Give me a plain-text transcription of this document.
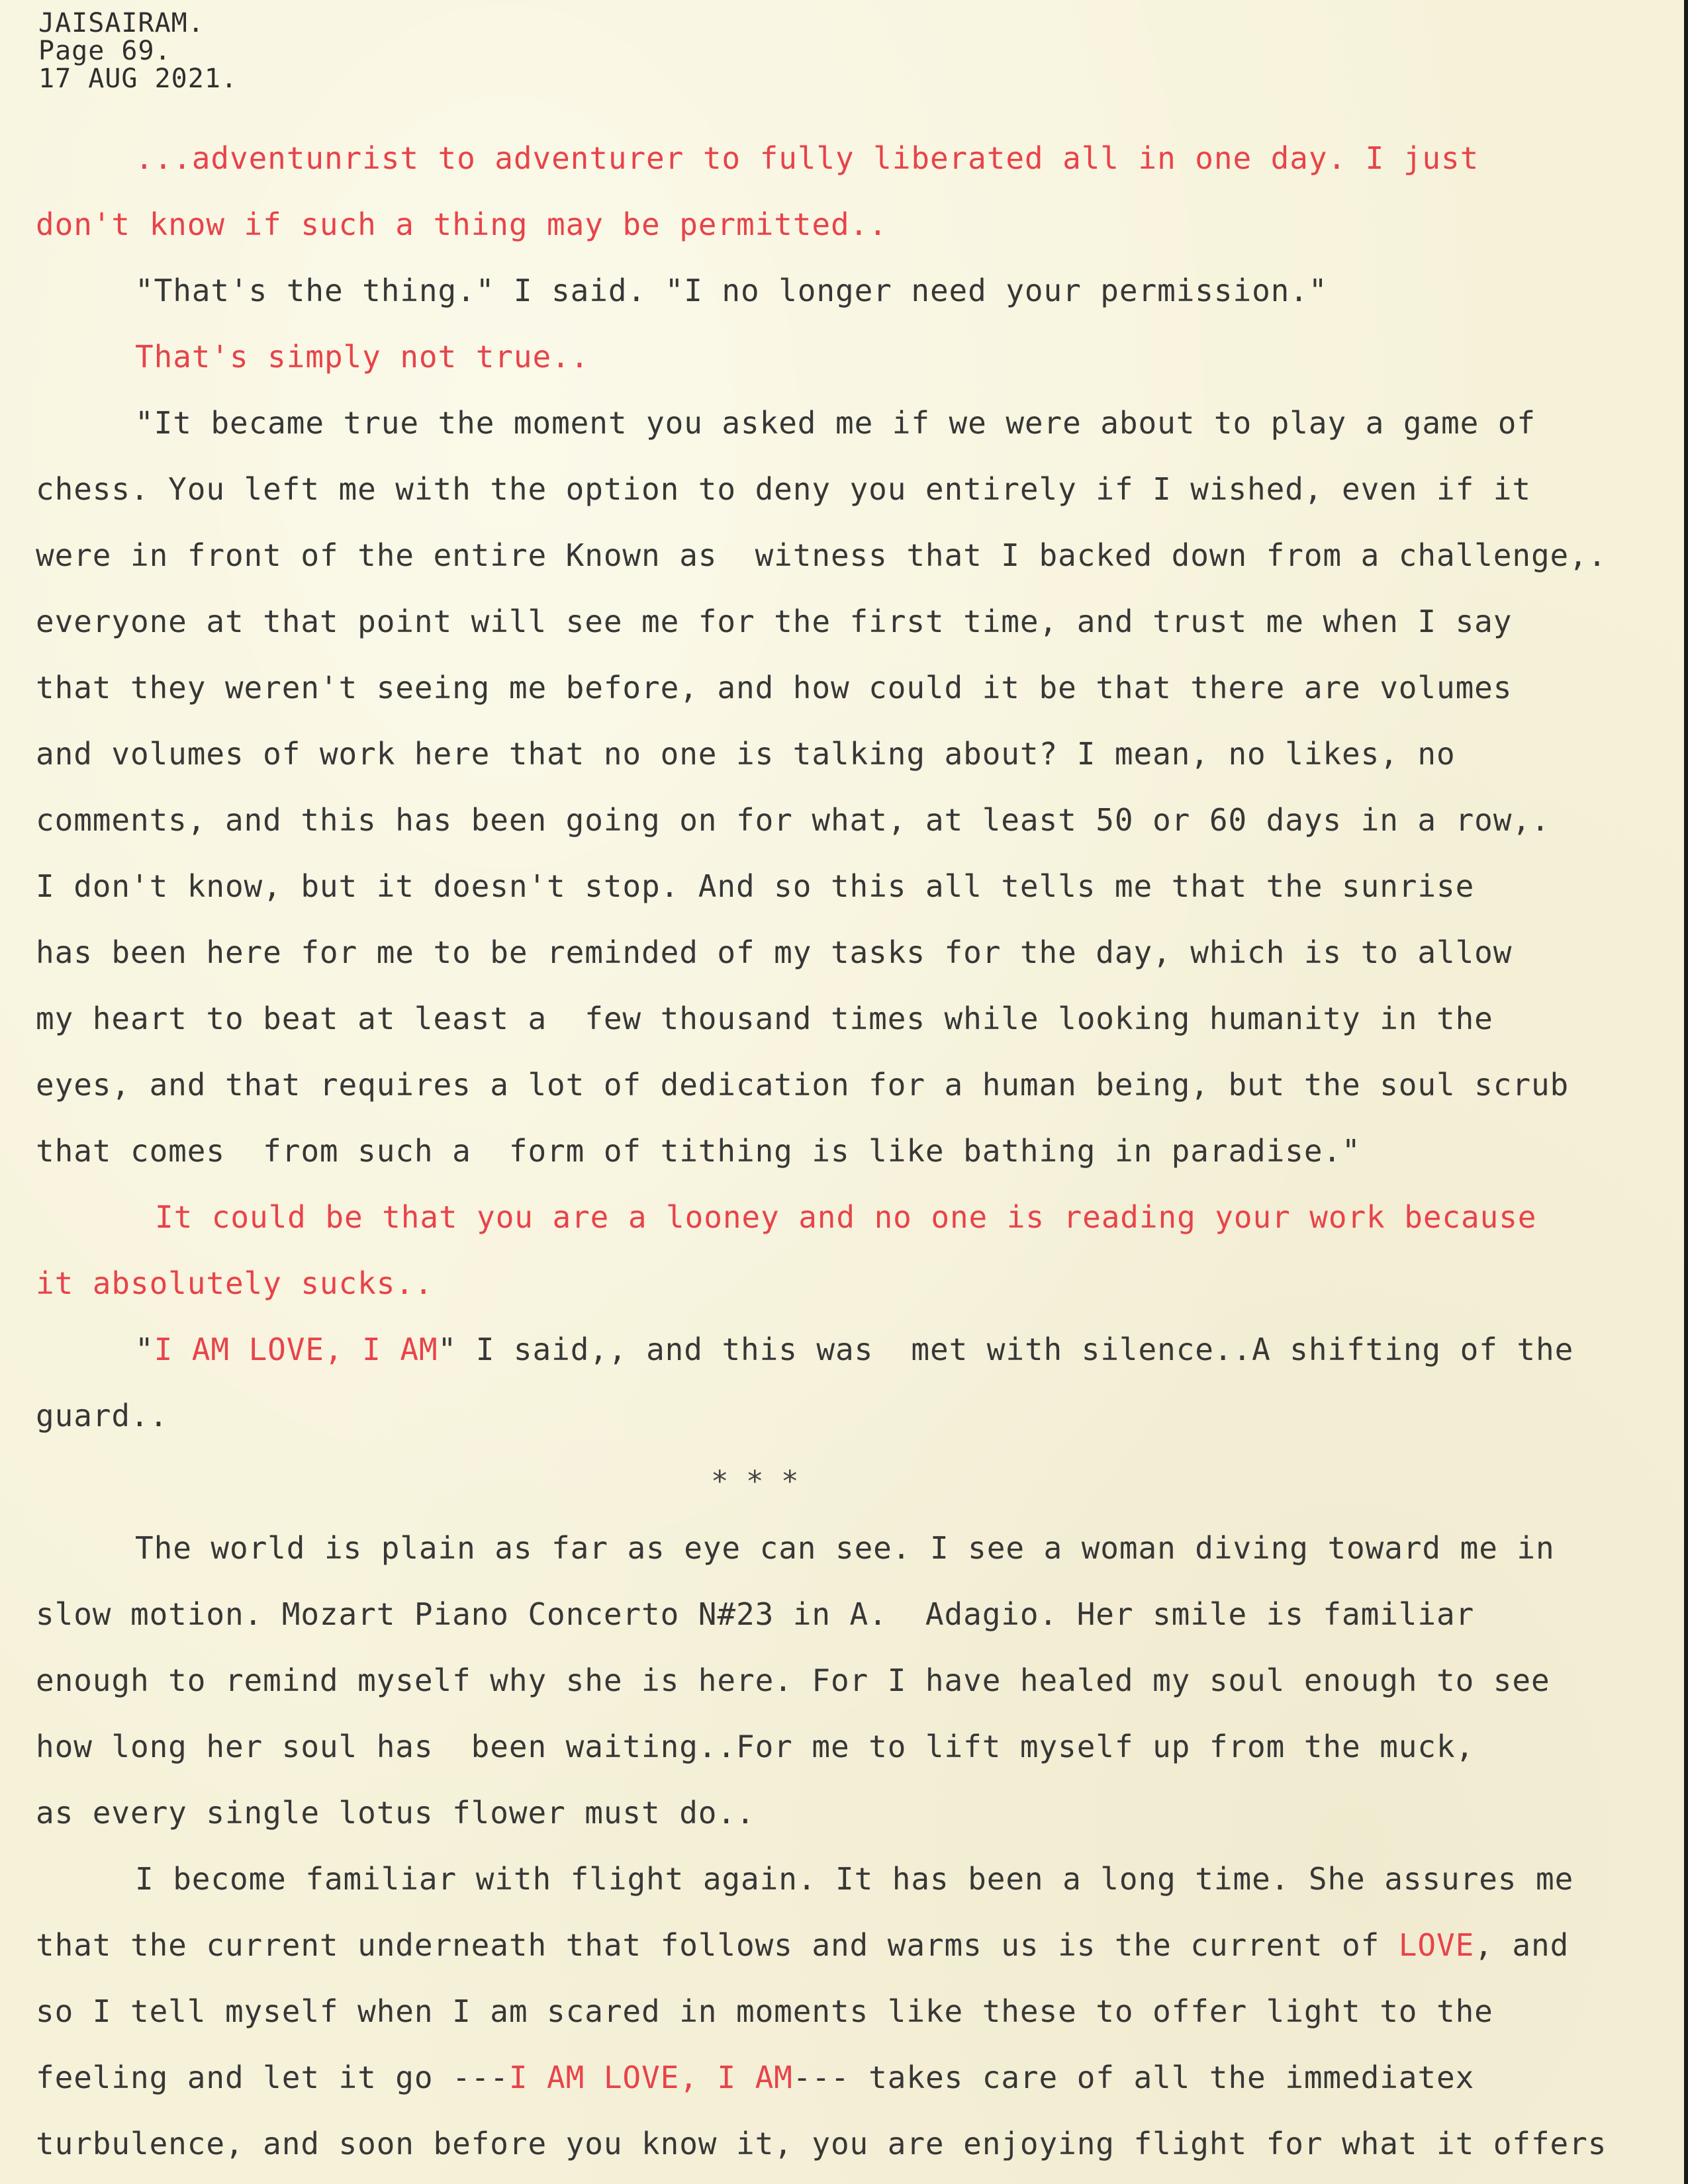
JAISAIRAM.
Page 69.
17 AUG 2021.
...adventunrist to adventurer to fully liberated all in one day. I just
don't know if such a thing may be permitted..
"That's the thing." I said. "I no longer need your permission."
That's simply not true..
"It became true the moment you asked me if we were about to play a game of
chess. You left me with the option to deny you entirely if I wished, even if it
were in front of the entire Known as  witness that I backed down from a challenge,.
everyone at that point will see me for the first time, and trust me when I say
that they weren't seeing me before, and how could it be that there are volumes
and volumes of work here that no one is talking about? I mean, no likes, no
comments, and this has been going on for what, at least 50 or 60 days in a row,.
I don't know, but it doesn't stop. And so this all tells me that the sunrise
has been here for me to be reminded of my tasks for the day, which is to allow
my heart to beat at least a  few thousand times while looking humanity in the
eyes, and that requires a lot of dedication for a human being, but the soul scrub
that comes  from such a  form of tithing is like bathing in paradise."
It could be that you are a looney and no one is reading your work because
it absolutely sucks..
"I AM LOVE, I AM" I said,, and this was  met with silence..A shifting of the
guard..
* * *
The world is plain as far as eye can see. I see a woman diving toward me in
slow motion. Mozart Piano Concerto N#23 in A.  Adagio. Her smile is familiar
enough to remind myself why she is here. For I have healed my soul enough to see
how long her soul has  been waiting..For me to lift myself up from the muck,
as every single lotus flower must do..
I become familiar with flight again. It has been a long time. She assures me
that the current underneath that follows and warms us is the current of LOVE, and
so I tell myself when I am scared in moments like these to offer light to the
feeling and let it go ---I AM LOVE, I AM--- takes care of all the immediatex
turbulence, and soon before you know it, you are enjoying flight for what it offers
